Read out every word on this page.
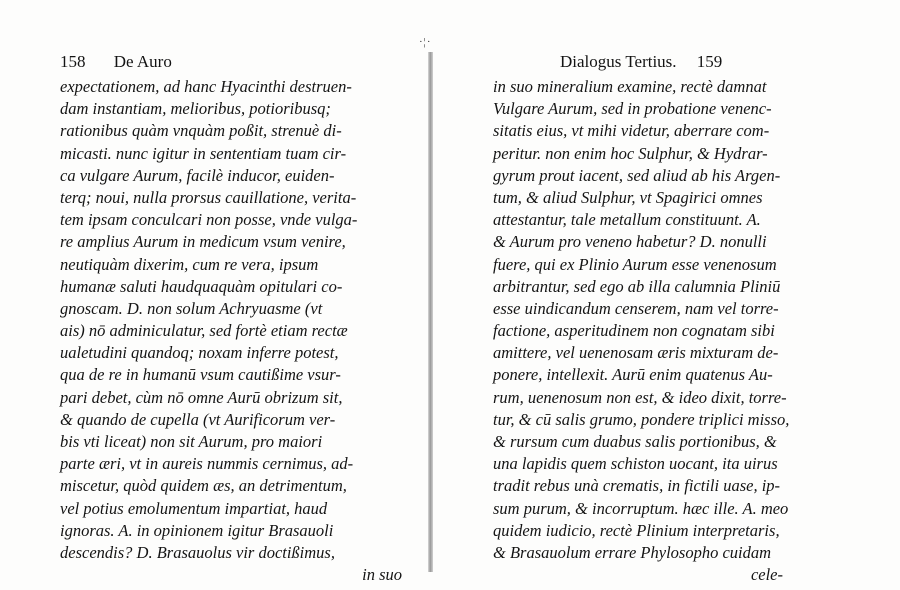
·¦·
158 De Auro	Dialogus Tertius. 159
expectationem, ad hanc Hyacinthi destruen-
dam instantiam, melioribus, potioribusq;
rationibus quàm vnquàm poßit, strenuè di-
micasti. nunc igitur in sententiam tuam cir-
ca vulgare Aurum, facilè inducor, euiden-
terq; noui, nulla prorsus cauillatione, verita-
tem ipsam conculcari non posse, vnde vulga-
re amplius Aurum in medicum vsum venire,
neutiquàm dixerim, cum re vera, ipsum
humanæ saluti haudquaquàm opitulari co-
gnoscam. D. non solum Achryuasme (vt
ais) nō adminiculatur, sed fortè etiam rectæ
ualetudini quandoq; noxam inferre potest,
qua de re in humanū vsum cautißime vsur-
pari debet, cùm nō omne Aurū obrizum sit,
& quando de cupella (vt Aurificorum ver-
bis vti liceat) non sit Aurum, pro maiori
parte æri, vt in aureis nummis cernimus, ad-
miscetur, quòd quidem æs, an detrimentum,
vel potius emolumentum impartiat, haud
ignoras. A. in opinionem igitur Brasauoli
descendis? D. Brasauolus vir doctißimus,
in suo
in suo mineralium examine, rectè damnat
Vulgare Aurum, sed in probatione venenc-
sitatis eius, vt mihi videtur, aberrare com-
peritur. non enim hoc Sulphur, & Hydrar-
gyrum prout iacent, sed aliud ab his Argen-
tum, & aliud Sulphur, vt Spagirici omnes
attestantur, tale metallum constituunt. A.
& Aurum pro veneno habetur? D. nonulli
fuere, qui ex Plinio Aurum esse venenosum
arbitrantur, sed ego ab illa calumnia Pliniū
esse uindicandum censerem, nam vel torre-
factione, asperitudinem non cognatam sibi
amittere, vel uenenosam æris mixturam de-
ponere, intellexit. Aurū enim quatenus Au-
rum, uenenosum non est, & ideo dixit, torre-
tur, & cū salis grumo, pondere triplici misso,
& rursum cum duabus salis portionibus, &
una lapidis quem schiston uocant, ita uirus
tradit rebus unà crematis, in fictili uase, ip-
sum purum, & incorruptum. hæc ille. A. meo
quidem iudicio, rectè Plinium interpretaris,
& Brasauolum errare Phylosopho cuidam
cele-
